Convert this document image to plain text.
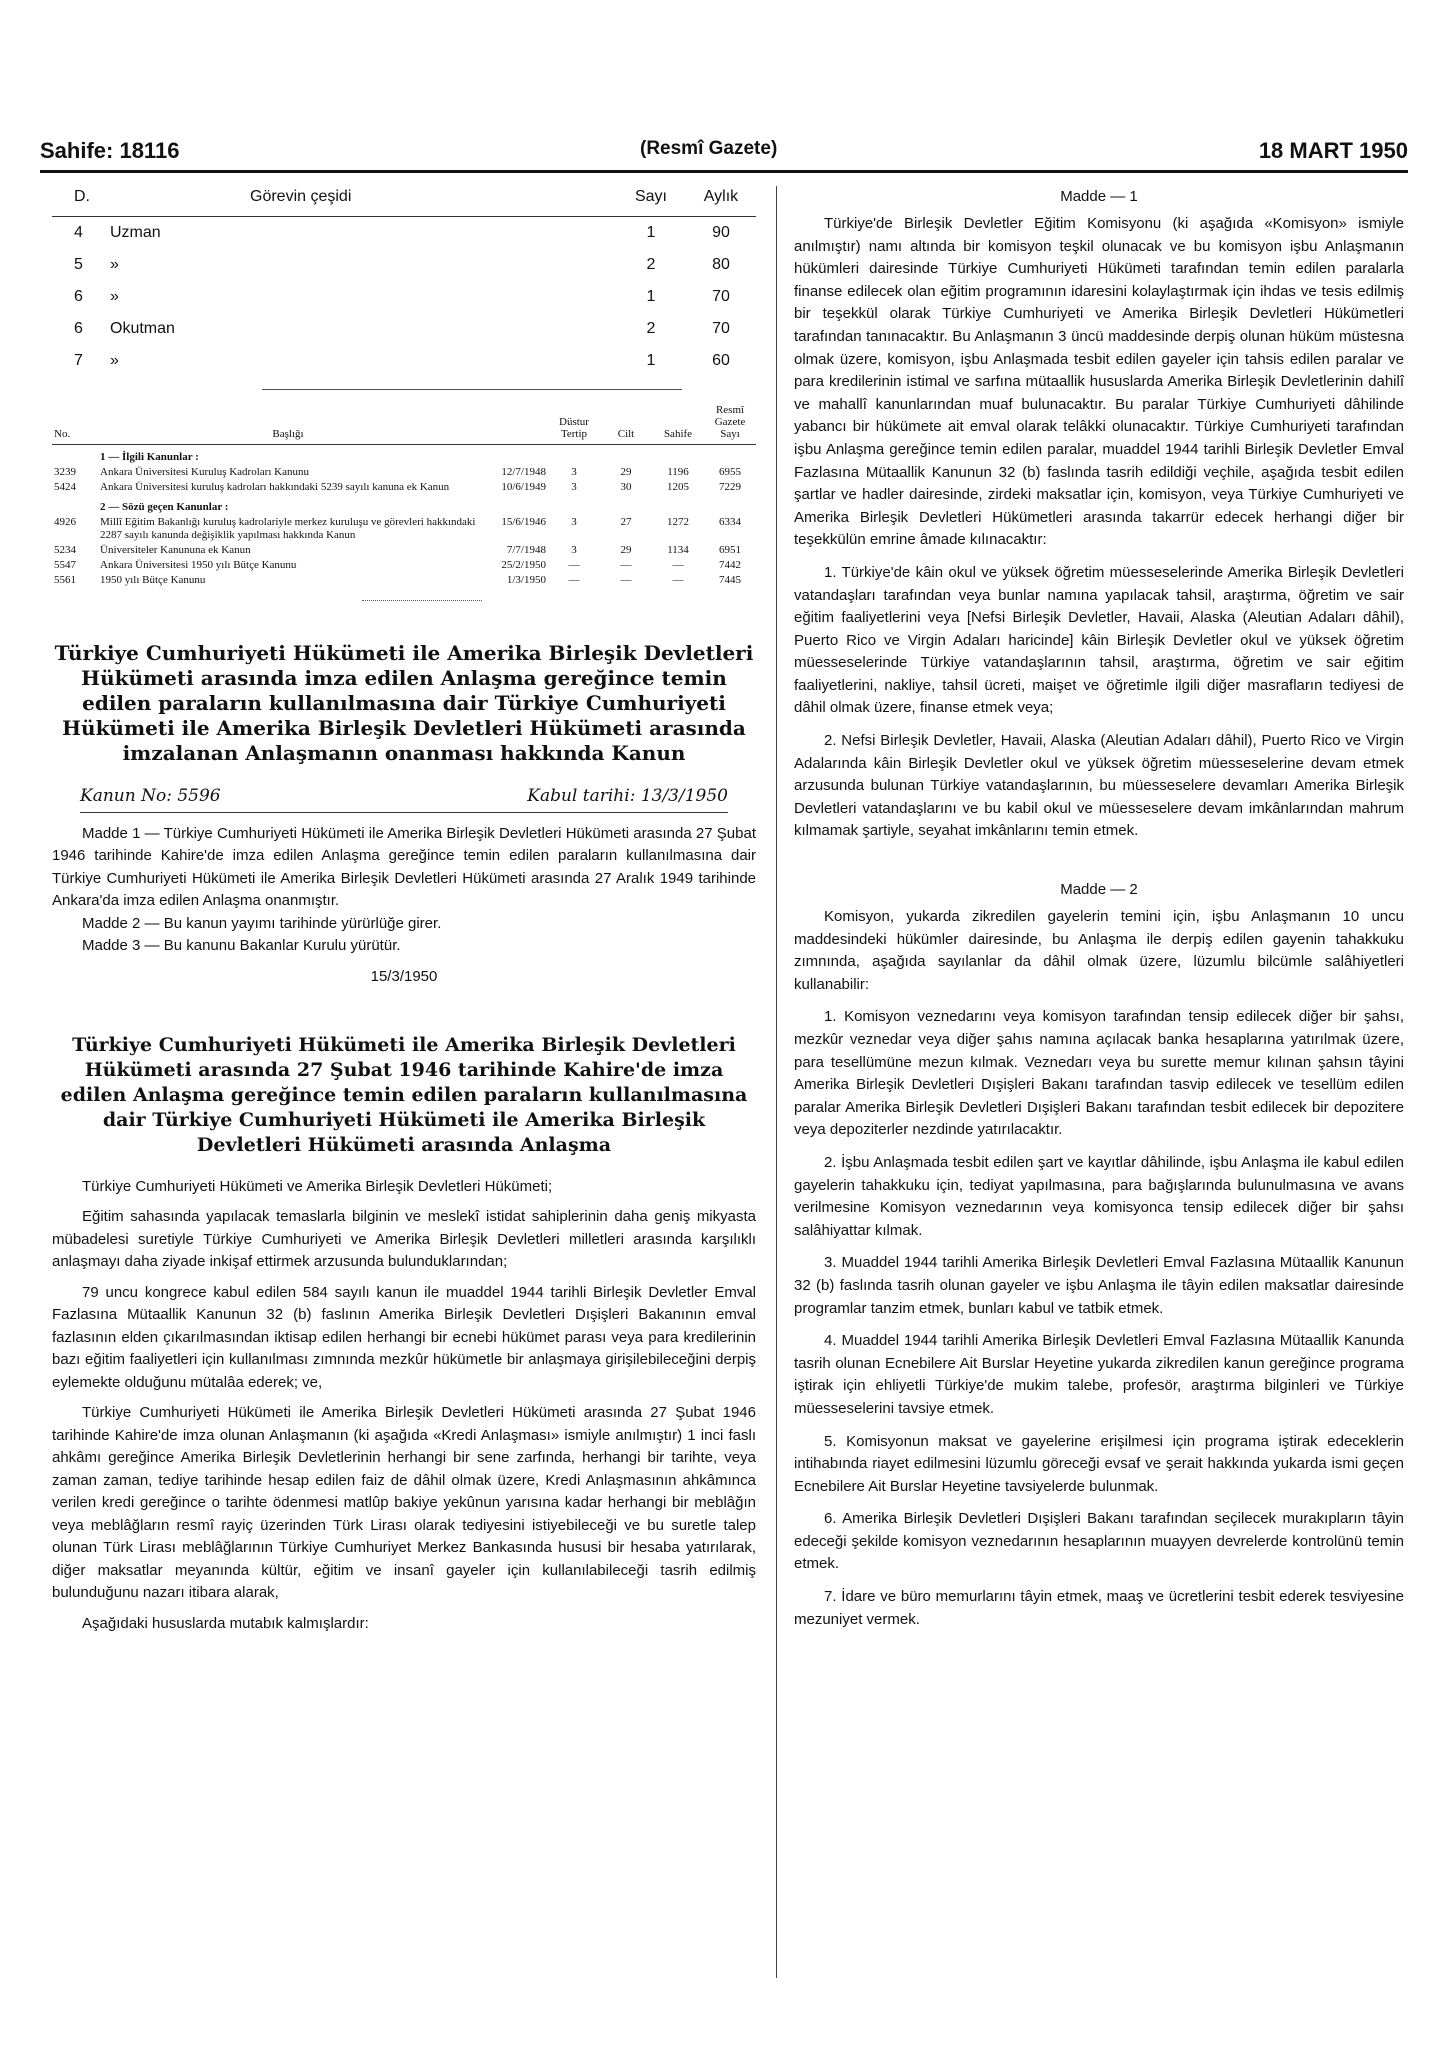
Sahife: 18116	(Resmî Gazete)	18 MART 1950
D.	Görevin çeşidi	Sayı	Aylık
4	Uzman	1	90
5	»	2	80
6	»	1	70
6	Okutman	2	70
7	»	1	60
No.	Başlığı		Düstur Tertip	Cilt	Sahife	Resmî Gazete Sayı
	1 — İlgili Kanunlar :					
3239	Ankara Üniversitesi Kuruluş Kadroları Kanunu	12/7/1948	3	29	1196	6955
5424	Ankara Üniversitesi kuruluş kadroları hakkındaki 5239 sayılı kanuna ek Kanun	10/6/1949	3	30	1205	7229
	2 — Sözü geçen Kanunlar :					
4926	Millî Eğitim Bakanlığı kuruluş kadrolariyle merkez kuruluşu ve görevleri hakkındaki 2287 sayılı kanunda değişiklik yapılması hakkında Kanun	15/6/1946	3	27	1272	6334
5234	Üniversiteler Kanununa ek Kanun	7/7/1948	3	29	1134	6951
5547	Ankara Üniversitesi 1950 yılı Bütçe Kanunu	25/2/1950	—	—	—	7442
5561	1950 yılı Bütçe Kanunu	1/3/1950	—	—	—	7445
Türkiye Cumhuriyeti Hükümeti ile Amerika Birleşik Devletleri Hükümeti arasında imza edilen Anlaşma gereğince temin edilen paraların kullanılmasına dair Türkiye Cumhuriyeti Hükümeti ile Amerika Birleşik Devletleri Hükümeti arasında imzalanan Anlaşmanın onanması hakkında Kanun
Kanun No: 5596	Kabul tarihi: 13/3/1950

Madde 1 — Türkiye Cumhuriyeti Hükümeti ile Amerika Birleşik Devletleri Hükümeti arasında 27 Şubat 1946 tarihinde Kahire'de imza edilen Anlaşma gereğince temin edilen paraların kullanılmasına dair Türkiye Cumhuriyeti Hükümeti ile Amerika Birleşik Devletleri Hükümeti arasında 27 Aralık 1949 tarihinde Ankara'da imza edilen Anlaşma onanmıştır.

Madde 2 — Bu kanun yayımı tarihinde yürürlüğe girer.

Madde 3 — Bu kanunu Bakanlar Kurulu yürütür.

15/3/1950
Türkiye Cumhuriyeti Hükümeti ile Amerika Birleşik Devletleri Hükümeti arasında 27 Şubat 1946 tarihinde Kahire'de imza edilen Anlaşma gereğince temin edilen paraların kullanılmasına dair Türkiye Cumhuriyeti Hükümeti ile Amerika Birleşik Devletleri Hükümeti arasında Anlaşma

Türkiye Cumhuriyeti Hükümeti ve Amerika Birleşik Devletleri Hükümeti;

Eğitim sahasında yapılacak temaslarla bilginin ve meslekî istidat sahiplerinin daha geniş mikyasta mübadelesi suretiyle Türkiye Cumhuriyeti ve Amerika Birleşik Devletleri milletleri arasında karşılıklı anlaşmayı daha ziyade inkişaf ettirmek arzusunda bulunduklarından;

79 uncu kongrece kabul edilen 584 sayılı kanun ile muaddel 1944 tarihli Birleşik Devletler Emval Fazlasına Mütaallik Kanunun 32 (b) faslının Amerika Birleşik Devletleri Dışişleri Bakanının emval fazlasının elden çıkarılmasından iktisap edilen herhangi bir ecnebi hükümet parası veya para kredilerinin bazı eğitim faaliyetleri için kullanılması zımnında mezkûr hükümetle bir anlaşmaya girişilebileceğini derpiş eylemekte olduğunu mütalâa ederek; ve,

Türkiye Cumhuriyeti Hükümeti ile Amerika Birleşik Devletleri Hükümeti arasında 27 Şubat 1946 tarihinde Kahire'de imza olunan Anlaşmanın (ki aşağıda «Kredi Anlaşması» ismiyle anılmıştır) 1 inci faslı ahkâmı gereğince Amerika Birleşik Devletlerinin herhangi bir sene zarfında, herhangi bir tarihte, veya zaman zaman, tediye tarihinde hesap edilen faiz de dâhil olmak üzere, Kredi Anlaşmasının ahkâmınca verilen kredi gereğince o tarihte ödenmesi matlûp bakiye yekûnun yarısına kadar herhangi bir meblâğın veya meblâğların resmî rayiç üzerinden Türk Lirası olarak tediyesini istiyebileceği ve bu suretle talep olunan Türk Lirası meblâğlarının Türkiye Cumhuriyet Merkez Bankasında hususi bir hesaba yatırılarak, diğer maksatlar meyanında kültür, eğitim ve insanî gayeler için kullanılabileceği tasrih edilmiş bulunduğunu nazarı itibara alarak,

Aşağıdaki hususlarda mutabık kalmışlardır:

Madde — 1

Türkiye'de Birleşik Devletler Eğitim Komisyonu (ki aşağıda «Komisyon» ismiyle anılmıştır) namı altında bir komisyon teşkil olunacak ve bu komisyon işbu Anlaşmanın hükümleri dairesinde Türkiye Cumhuriyeti Hükümeti tarafından temin edilen paralarla finanse edilecek olan eğitim programının idaresini kolaylaştırmak için ihdas ve tesis edilmiş bir teşekkül olarak Türkiye Cumhuriyeti ve Amerika Birleşik Devletleri Hükümetleri tarafından tanınacaktır. Bu Anlaşmanın 3 üncü maddesinde derpiş olunan hüküm müstesna olmak üzere, komisyon, işbu Anlaşmada tesbit edilen gayeler için tahsis edilen paralar ve para kredilerinin istimal ve sarfına mütaallik hususlarda Amerika Birleşik Devletlerinin dahilî ve mahallî kanunlarından muaf bulunacaktır. Bu paralar Türkiye Cumhuriyeti dâhilinde yabancı bir hükümete ait emval olarak telâkki olunacaktır. Türkiye Cumhuriyeti tarafından işbu Anlaşma gereğince temin edilen paralar, muaddel 1944 tarihli Birleşik Devletler Emval Fazlasına Mütaallik Kanunun 32 (b) faslında tasrih edildiği veçhile, aşağıda tesbit edilen şartlar ve hadler dairesinde, zirdeki maksatlar için, komisyon, veya Türkiye Cumhuriyeti ve Amerika Birleşik Devletleri Hükümetleri arasında takarrür edecek herhangi diğer bir teşekkülün emrine âmade kılınacaktır:

1. Türkiye'de kâin okul ve yüksek öğretim müesseselerinde Amerika Birleşik Devletleri vatandaşları tarafından veya bunlar namına yapılacak tahsil, araştırma, öğretim ve sair eğitim faaliyetlerini veya [Nefsi Birleşik Devletler, Havaii, Alaska (Aleutian Adaları dâhil), Puerto Rico ve Virgin Adaları haricinde] kâin Birleşik Devletler okul ve yüksek öğretim müesseselerinde Türkiye vatandaşlarının tahsil, araştırma, öğretim ve sair eğitim faaliyetlerini, nakliye, tahsil ücreti, maişet ve öğretimle ilgili diğer masrafların tediyesi de dâhil olmak üzere, finanse etmek veya;

2. Nefsi Birleşik Devletler, Havaii, Alaska (Aleutian Adaları dâhil), Puerto Rico ve Virgin Adalarında kâin Birleşik Devletler okul ve yüksek öğretim müesseselerine devam etmek arzusunda bulunan Türkiye vatandaşlarının, bu müesseselere devamları Amerika Birleşik Devletleri vatandaşlarını ve bu kabil okul ve müesseselere devam imkânlarından mahrum kılmamak şartiyle, seyahat imkânlarını temin etmek.

Madde — 2

Komisyon, yukarda zikredilen gayelerin temini için, işbu Anlaşmanın 10 uncu maddesindeki hükümler dairesinde, bu Anlaşma ile derpiş edilen gayenin tahakkuku zımnında, aşağıda sayılanlar da dâhil olmak üzere, lüzumlu bilcümle salâhiyetleri kullanabilir:

1. Komisyon veznedarını veya komisyon tarafından tensip edilecek diğer bir şahsı, mezkûr veznedar veya diğer şahıs namına açılacak banka hesaplarına yatırılmak üzere, para tesellümüne mezun kılmak. Veznedarı veya bu surette memur kılınan şahsın tâyini Amerika Birleşik Devletleri Dışişleri Bakanı tarafından tasvip edilecek ve tesellüm edilen paralar Amerika Birleşik Devletleri Dışişleri Bakanı tarafından tesbit edilecek bir depozitere veya depoziterler nezdinde yatırılacaktır.

2. İşbu Anlaşmada tesbit edilen şart ve kayıtlar dâhilinde, işbu Anlaşma ile kabul edilen gayelerin tahakkuku için, tediyat yapılmasına, para bağışlarında bulunulmasına ve avans verilmesine Komisyon veznedarının veya komisyonca tensip edilecek diğer bir şahsı salâhiyattar kılmak.

3. Muaddel 1944 tarihli Amerika Birleşik Devletleri Emval Fazlasına Mütaallik Kanunun 32 (b) faslında tasrih olunan gayeler ve işbu Anlaşma ile tâyin edilen maksatlar dairesinde programlar tanzim etmek, bunları kabul ve tatbik etmek.

4. Muaddel 1944 tarihli Amerika Birleşik Devletleri Emval Fazlasına Mütaallik Kanunda tasrih olunan Ecnebilere Ait Burslar Heyetine yukarda zikredilen kanun gereğince programa iştirak için ehliyetli Türkiye'de mukim talebe, profesör, araştırma bilginleri ve Türkiye müesseselerini tavsiye etmek.

5. Komisyonun maksat ve gayelerine erişilmesi için programa iştirak edeceklerin intihabında riayet edilmesini lüzumlu göreceği evsaf ve şerait hakkında yukarda ismi geçen Ecnebilere Ait Burslar Heyetine tavsiyelerde bulunmak.

6. Amerika Birleşik Devletleri Dışişleri Bakanı tarafından seçilecek murakıpların tâyin edeceği şekilde komisyon veznedarının hesaplarının muayyen devrelerde kontrolünü temin etmek.

7. İdare ve büro memurlarını tâyin etmek, maaş ve ücretlerini tesbit ederek tesviyesine mezuniyet vermek.
